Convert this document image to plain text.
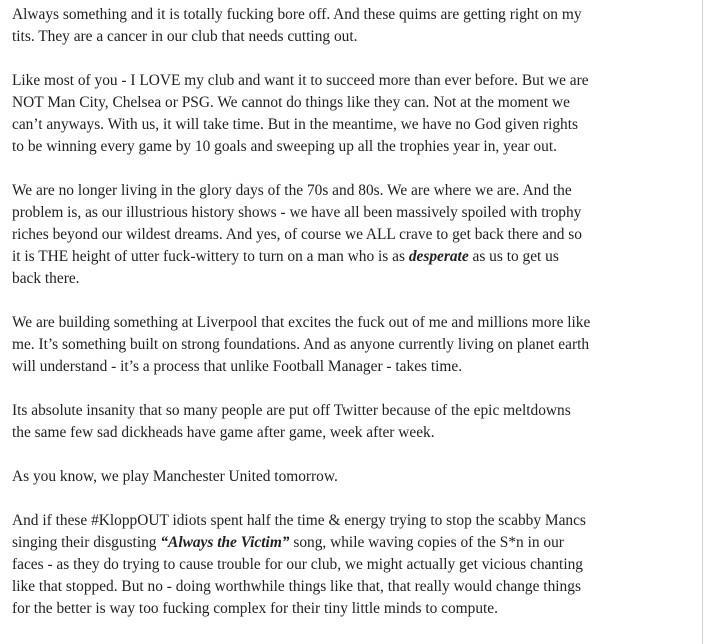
Always something and it is totally fucking bore off. And these quims are getting right on my
tits. They are a cancer in our club that needs cutting out.

Like most of you - I LOVE my club and want it to succeed more than ever before. But we are
NOT Man City, Chelsea or PSG. We cannot do things like they can. Not at the moment we
can’t anyways. With us, it will take time. But in the meantime, we have no God given rights
to be winning every game by 10 goals and sweeping up all the trophies year in, year out.

We are no longer living in the glory days of the 70s and 80s. We are where we are. And the
problem is, as our illustrious history shows - we have all been massively spoiled with trophy
riches beyond our wildest dreams. And yes, of course we ALL crave to get back there and so
it is THE height of utter fuck-wittery to turn on a man who is as desperate as us to get us
back there.

We are building something at Liverpool that excites the fuck out of me and millions more like
me. It’s something built on strong foundations. And as anyone currently living on planet earth
will understand - it’s a process that unlike Football Manager - takes time.

Its absolute insanity that so many people are put off Twitter because of the epic meltdowns
the same few sad dickheads have game after game, week after week.

As you know, we play Manchester United tomorrow.

And if these #KloppOUT idiots spent half the time & energy trying to stop the scabby Mancs
singing their disgusting “Always the Victim” song, while waving copies of the S*n in our
faces - as they do trying to cause trouble for our club, we might actually get vicious chanting
like that stopped. But no - doing worthwhile things like that, that really would change things
for the better is way too fucking complex for their tiny little minds to compute.
